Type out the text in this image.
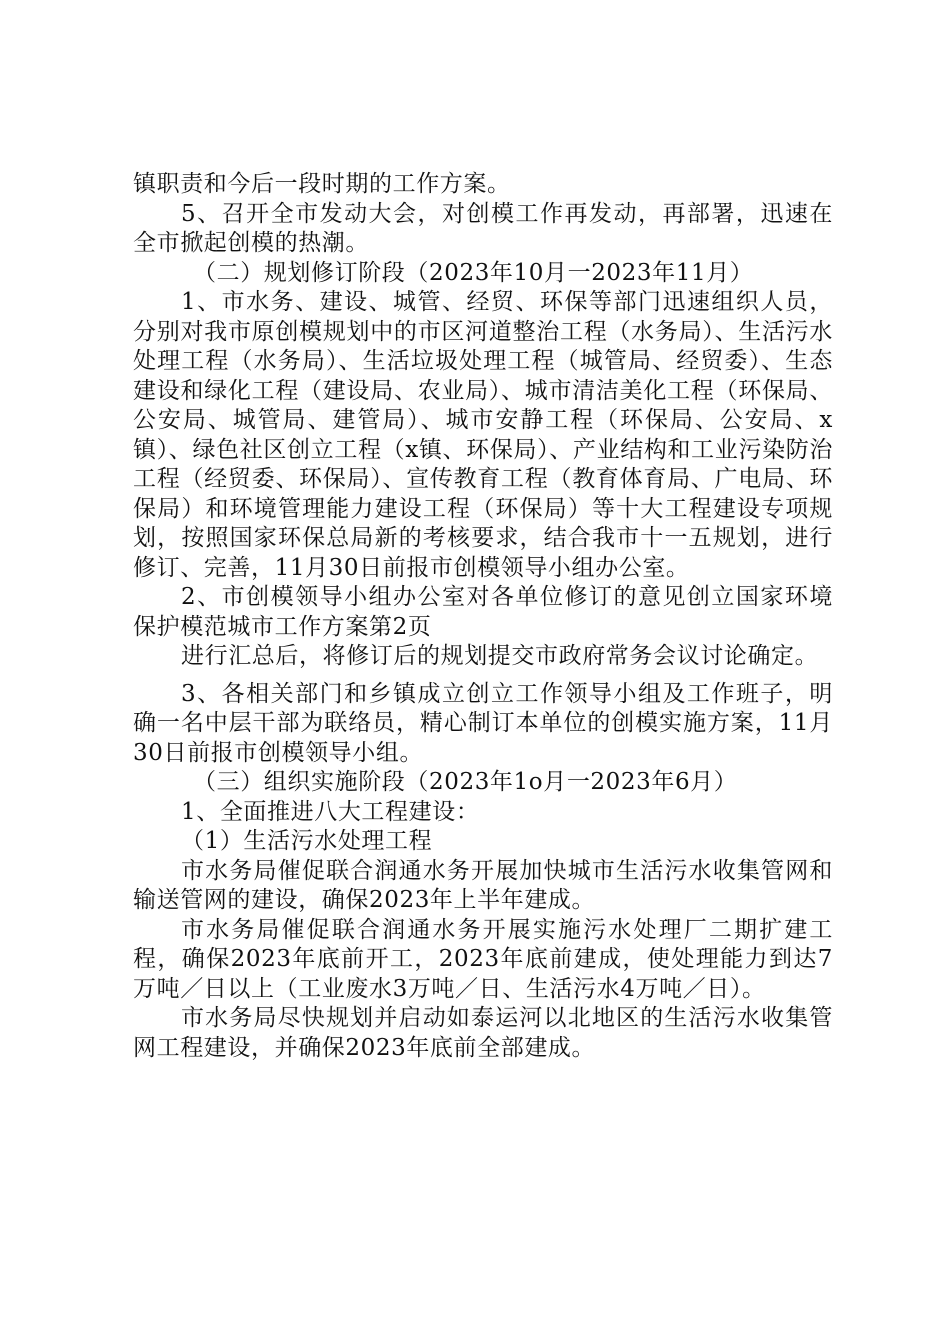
镇职责和今后一段时期的工作方案。

5、召开全市发动大会，对创模工作再发动，再部署，迅速在全市掀起创模的热潮。

（二）规划修订阶段（2023年10月一2023年11月）

1、市水务、建设、城管、经贸、环保等部门迅速组织人员，分别对我市原创模规划中的市区河道整治工程（水务局）、生活污水处理工程（水务局）、生活垃圾处理工程（城管局、经贸委）、生态建设和绿化工程（建设局、农业局）、城市清洁美化工程（环保局、公安局、城管局、建管局）、城市安静工程（环保局、公安局、x镇）、绿色社区创立工程（x镇、环保局）、产业结构和工业污染防治工程（经贸委、环保局）、宣传教育工程（教育体育局、广电局、环保局）和环境管理能力建设工程（环保局）等十大工程建设专项规划，按照国家环保总局新的考核要求，结合我市十一五规划，进行修订、完善，11月30日前报市创模领导小组办公室。

2、市创模领导小组办公室对各单位修订的意见创立国家环境保护模范城市工作方案第2页

进行汇总后，将修订后的规划提交市政府常务会议讨论确定。

3、各相关部门和乡镇成立创立工作领导小组及工作班子，明确一名中层干部为联络员，精心制订本单位的创模实施方案，11月30日前报市创模领导小组。

（三）组织实施阶段（2023年1o月一2023年6月）

1、全面推进八大工程建设：

（1）生活污水处理工程

市水务局催促联合润通水务开展加快城市生活污水收集管网和输送管网的建设，确保2023年上半年建成。

市水务局催促联合润通水务开展实施污水处理厂二期扩建工程，确保2023年底前开工，2023年底前建成，使处理能力到达7万吨／日以上（工业废水3万吨／日、生活污水4万吨／日）。

市水务局尽快规划并启动如泰运河以北地区的生活污水收集管网工程建设，并确保2023年底前全部建成。
